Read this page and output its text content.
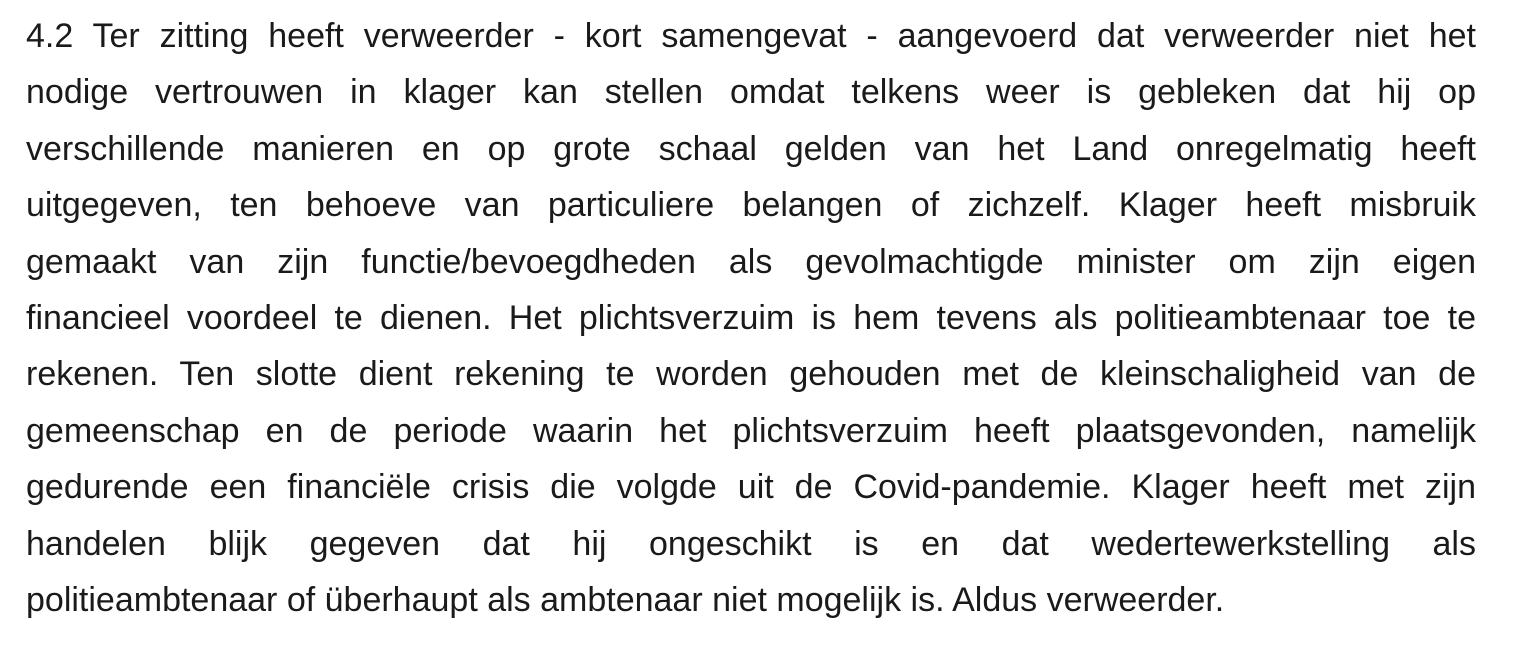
4.2 Ter zitting heeft verweerder - kort samengevat - aangevoerd dat verweerder niet het
nodige vertrouwen in klager kan stellen omdat telkens weer is gebleken dat hij op
verschillende manieren en op grote schaal gelden van het Land onregelmatig heeft
uitgegeven, ten behoeve van particuliere belangen of zichzelf. Klager heeft misbruik
gemaakt van zijn functie/bevoegdheden als gevolmachtigde minister om zijn eigen
financieel voordeel te dienen. Het plichtsverzuim is hem tevens als politieambtenaar toe te
rekenen. Ten slotte dient rekening te worden gehouden met de kleinschaligheid van de
gemeenschap en de periode waarin het plichtsverzuim heeft plaatsgevonden, namelijk
gedurende een financiële crisis die volgde uit de Covid-pandemie. Klager heeft met zijn
handelen blijk gegeven dat hij ongeschikt is en dat wedertewerkstelling als
politieambtenaar of überhaupt als ambtenaar niet mogelijk is. Aldus verweerder.
